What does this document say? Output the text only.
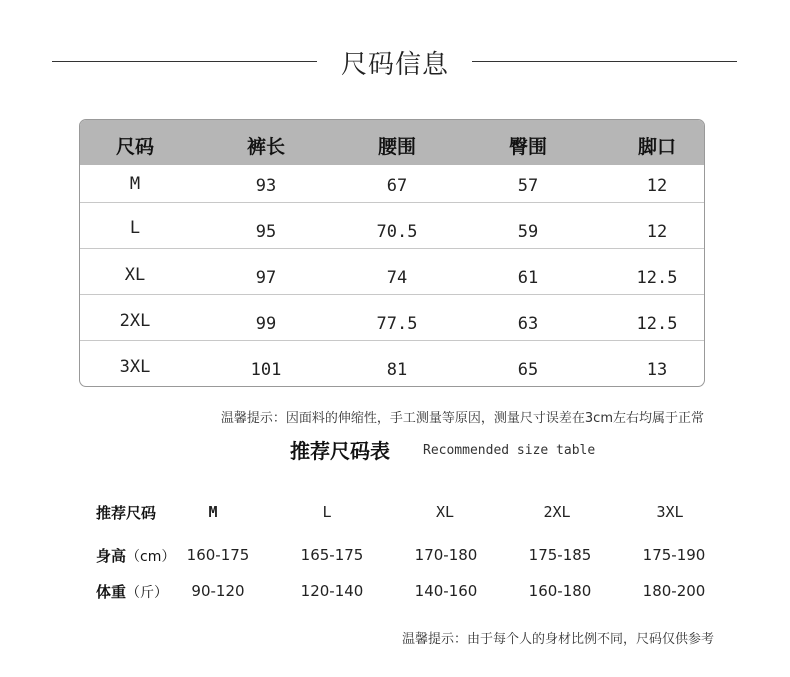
尺码信息
尺码	裤长	腰围	臀围	脚口
M	93	67	57	12
L	95	70.5	59	12
XL	97	74	61	12.5
2XL	99	77.5	63	12.5
3XL	101	81	65	13
温馨提示：因面料的伸缩性，手工测量等原因，测量尺寸误差在3cm左右均属于正常
推荐尺码表	Recommended size table
推荐尺码	M	L	XL	2XL	3XL
身高（cm） 160-175	165-175	170-180	175-185	175-190
体重（斤）	90-120	120-140	140-160	160-180	180-200
温馨提示：由于每个人的身材比例不同，尺码仅供参考
